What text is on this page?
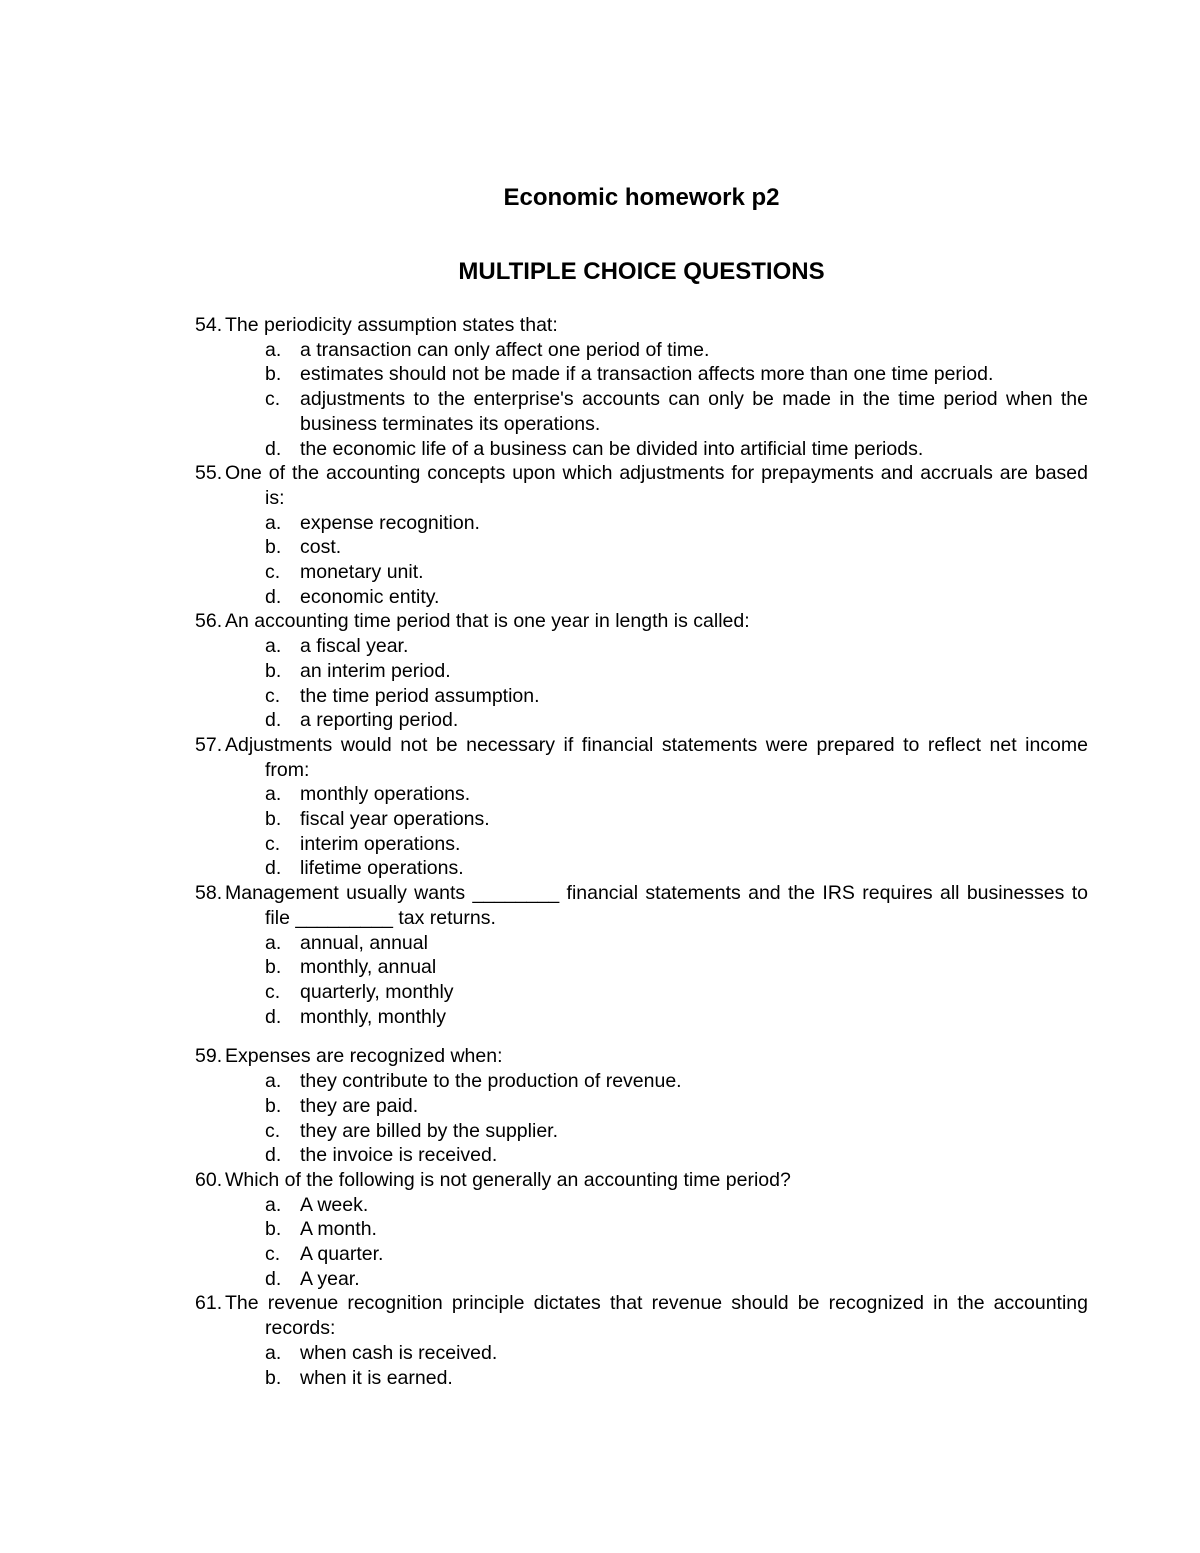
Economic homework p2
MULTIPLE CHOICE QUESTIONS
54. The periodicity assumption states that:
a. a transaction can only affect one period of time.
b. estimates should not be made if a transaction affects more than one time period.
c. adjustments to the enterprise's accounts can only be made in the time period when the business terminates its operations.
d. the economic life of a business can be divided into artificial time periods.
55. One of the accounting concepts upon which adjustments for prepayments and accruals are based is:
a. expense recognition.
b. cost.
c. monetary unit.
d. economic entity.
56. An accounting time period that is one year in length is called:
a. a fiscal year.
b. an interim period.
c. the time period assumption.
d. a reporting period.
57. Adjustments would not be necessary if financial statements were prepared to reflect net income from:
a. monthly operations.
b. fiscal year operations.
c. interim operations.
d. lifetime operations.
58. Management usually wants ________ financial statements and the IRS requires all businesses to file _________ tax returns.
a. annual, annual
b. monthly, annual
c. quarterly, monthly
d. monthly, monthly
59. Expenses are recognized when:
a. they contribute to the production of revenue.
b. they are paid.
c. they are billed by the supplier.
d. the invoice is received.
60. Which of the following is not generally an accounting time period?
a. A week.
b. A month.
c. A quarter.
d. A year.
61. The revenue recognition principle dictates that revenue should be recognized in the accounting records:
a. when cash is received.
b. when it is earned.
